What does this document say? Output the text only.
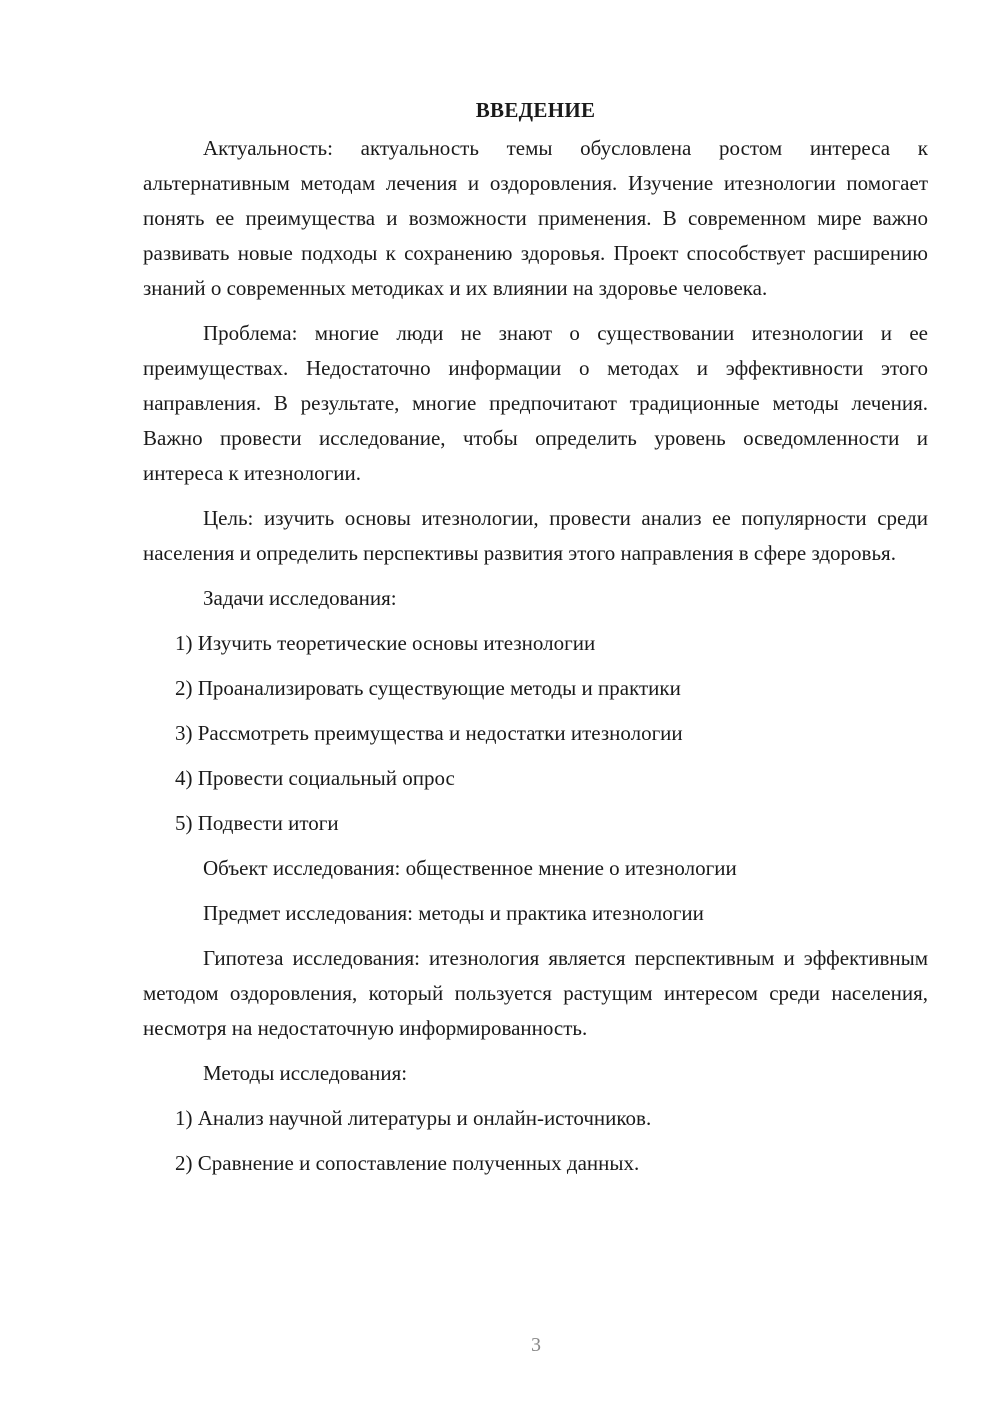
ВВЕДЕНИЕ
Актуальность: актуальность темы обусловлена ростом интереса к альтернативным методам лечения и оздоровления. Изучение итезнологии помогает понять ее преимущества и возможности применения. В современном мире важно развивать новые подходы к сохранению здоровья. Проект способствует расширению знаний о современных методиках и их влиянии на здоровье человека.
Проблема: многие люди не знают о существовании итезнологии и ее преимуществах. Недостаточно информации о методах и эффективности этого направления. В результате, многие предпочитают традиционные методы лечения. Важно провести исследование, чтобы определить уровень осведомленности и интереса к итезнологии.
Цель: изучить основы итезнологии, провести анализ ее популярности среди населения и определить перспективы развития этого направления в сфере здоровья.
Задачи исследования:
1) Изучить теоретические основы итезнологии
2) Проанализировать существующие методы и практики
3) Рассмотреть преимущества и недостатки итезнологии
4) Провести социальный опрос
5) Подвести итоги
Объект исследования: общественное мнение о итезнологии
Предмет исследования: методы и практика итезнологии
Гипотеза исследования: итезнология является перспективным и эффективным методом оздоровления, который пользуется растущим интересом среди населения, несмотря на недостаточную информированность.
Методы исследования:
1) Анализ научной литературы и онлайн-источников.
2) Сравнение и сопоставление полученных данных.
3
